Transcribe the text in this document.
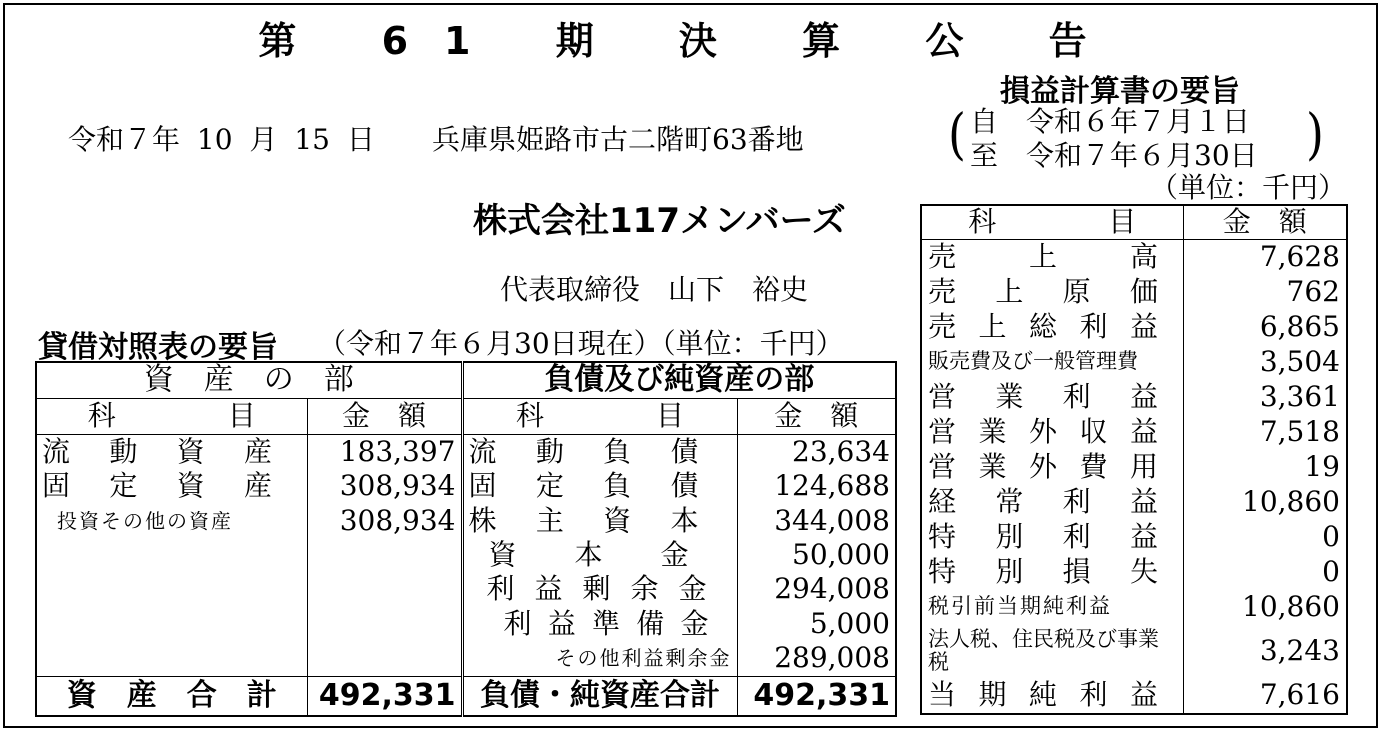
第 61 期 決 算 公 告
令和７年 10 月 15 日 兵庫県姫路市古二階町63番地
株式会社117メンバーズ
代表取締役　山下　裕史
損益計算書の要旨
( 自　令和６年７月１日
至　令和７年６月30日 )
（単位：千円）
貸借対照表の要旨 （令和７年６月30日現在）（単位：千円）
資　産　の　部		負債及び純資産の部	
科　　　　目	金　額	科　　　　目	金　額

流 動 資 産	183,397	流 動 負 債	23,634

固 定 資 産	308,934	固 定 負 債	124,688
投資その他の資産	308,934	株 主 資 本	344,008

		資 本 金	50,000

		利 益 剰 余 金	294,008

		利 益 準 備 金	5,000
		その他利益剰余金	289,008

資　産　合　計	492,331	負債・純資産合計	492,331
科　　　　目	金　額

売 上 高	7,628

売 上 原 価	762

売 上 総 利 益	6,865
販売費及び一般管理費	3,504

営 業 利 益	3,361

営 業 外 収 益	7,518

営 業 外 費 用	19

経 常 利 益	10,860

特 別 利 益	0

特 別 損 失	0
税引前当期純利益	10,860
法人税、住民税及び事業税	3,243

当 期 純 利 益	7,616
